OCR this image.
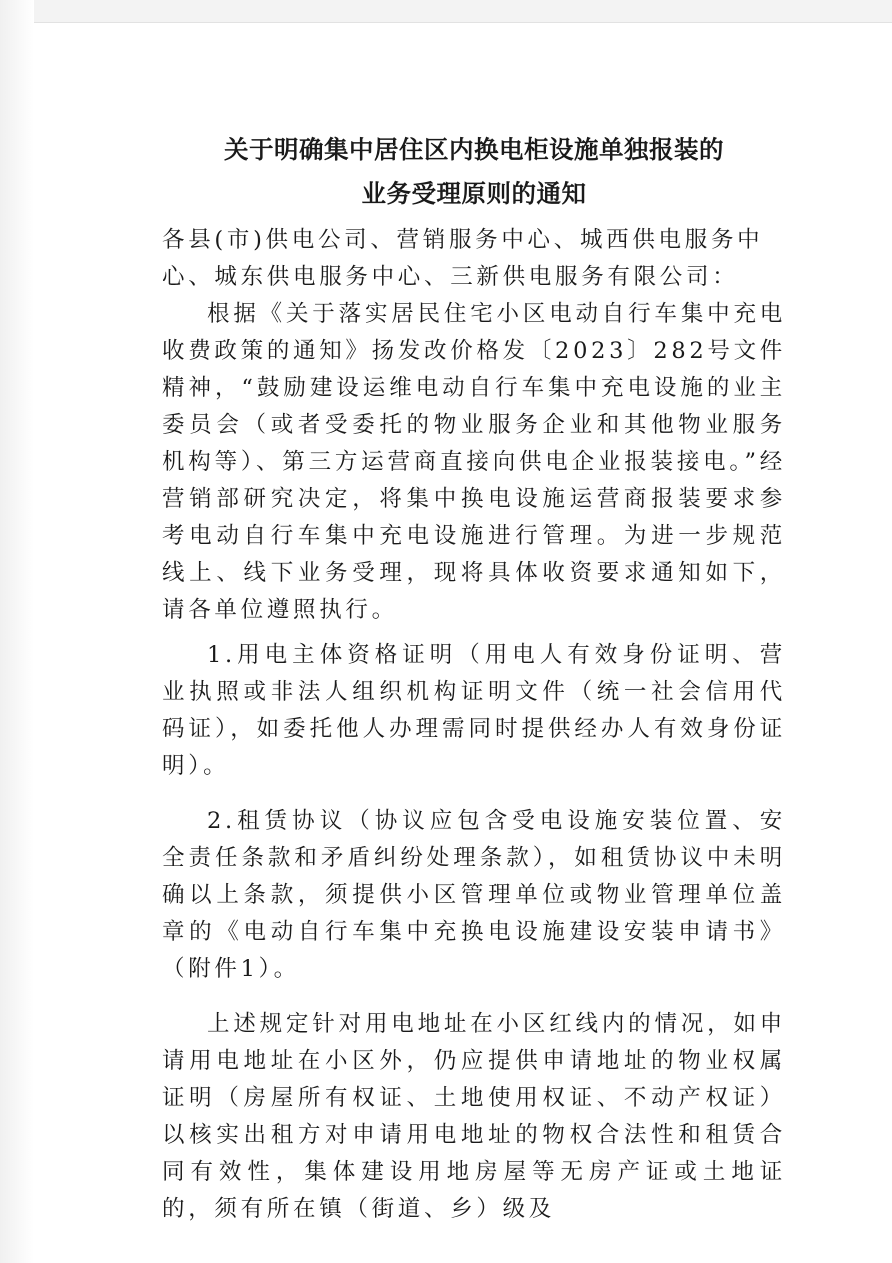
关于明确集中居住区内换电柜设施单独报装的
业务受理原则的通知
各县(市)供电公司、营销服务中心、城西供电服务中心、城东供电服务中心、三新供电服务有限公司：

根据《关于落实居民住宅小区电动自行车集中充电收费政策的通知》扬发改价格发〔2023〕282号文件精神，“鼓励建设运维电动自行车集中充电设施的业主委员会（或者受委托的物业服务企业和其他物业服务机构等）、第三方运营商直接向供电企业报装接电。”经营销部研究决定，将集中换电设施运营商报装要求参考电动自行车集中充电设施进行管理。为进一步规范线上、线下业务受理，现将具体收资要求通知如下，请各单位遵照执行。

1.用电主体资格证明（用电人有效身份证明、营业执照或非法人组织机构证明文件（统一社会信用代码证），如委托他人办理需同时提供经办人有效身份证明）。

2.租赁协议（协议应包含受电设施安装位置、安全责任条款和矛盾纠纷处理条款），如租赁协议中未明确以上条款，须提供小区管理单位或物业管理单位盖章的《电动自行车集中充换电设施建设安装申请书》（附件1）。

上述规定针对用电地址在小区红线内的情况，如申请用电地址在小区外，仍应提供申请地址的物业权属证明（房屋所有权证、土地使用权证、不动产权证）以核实出租方对申请用电地址的物权合法性和租赁合同有效性，集体建设用地房屋等无房产证或土地证的，须有所在镇（街道、乡）级及
